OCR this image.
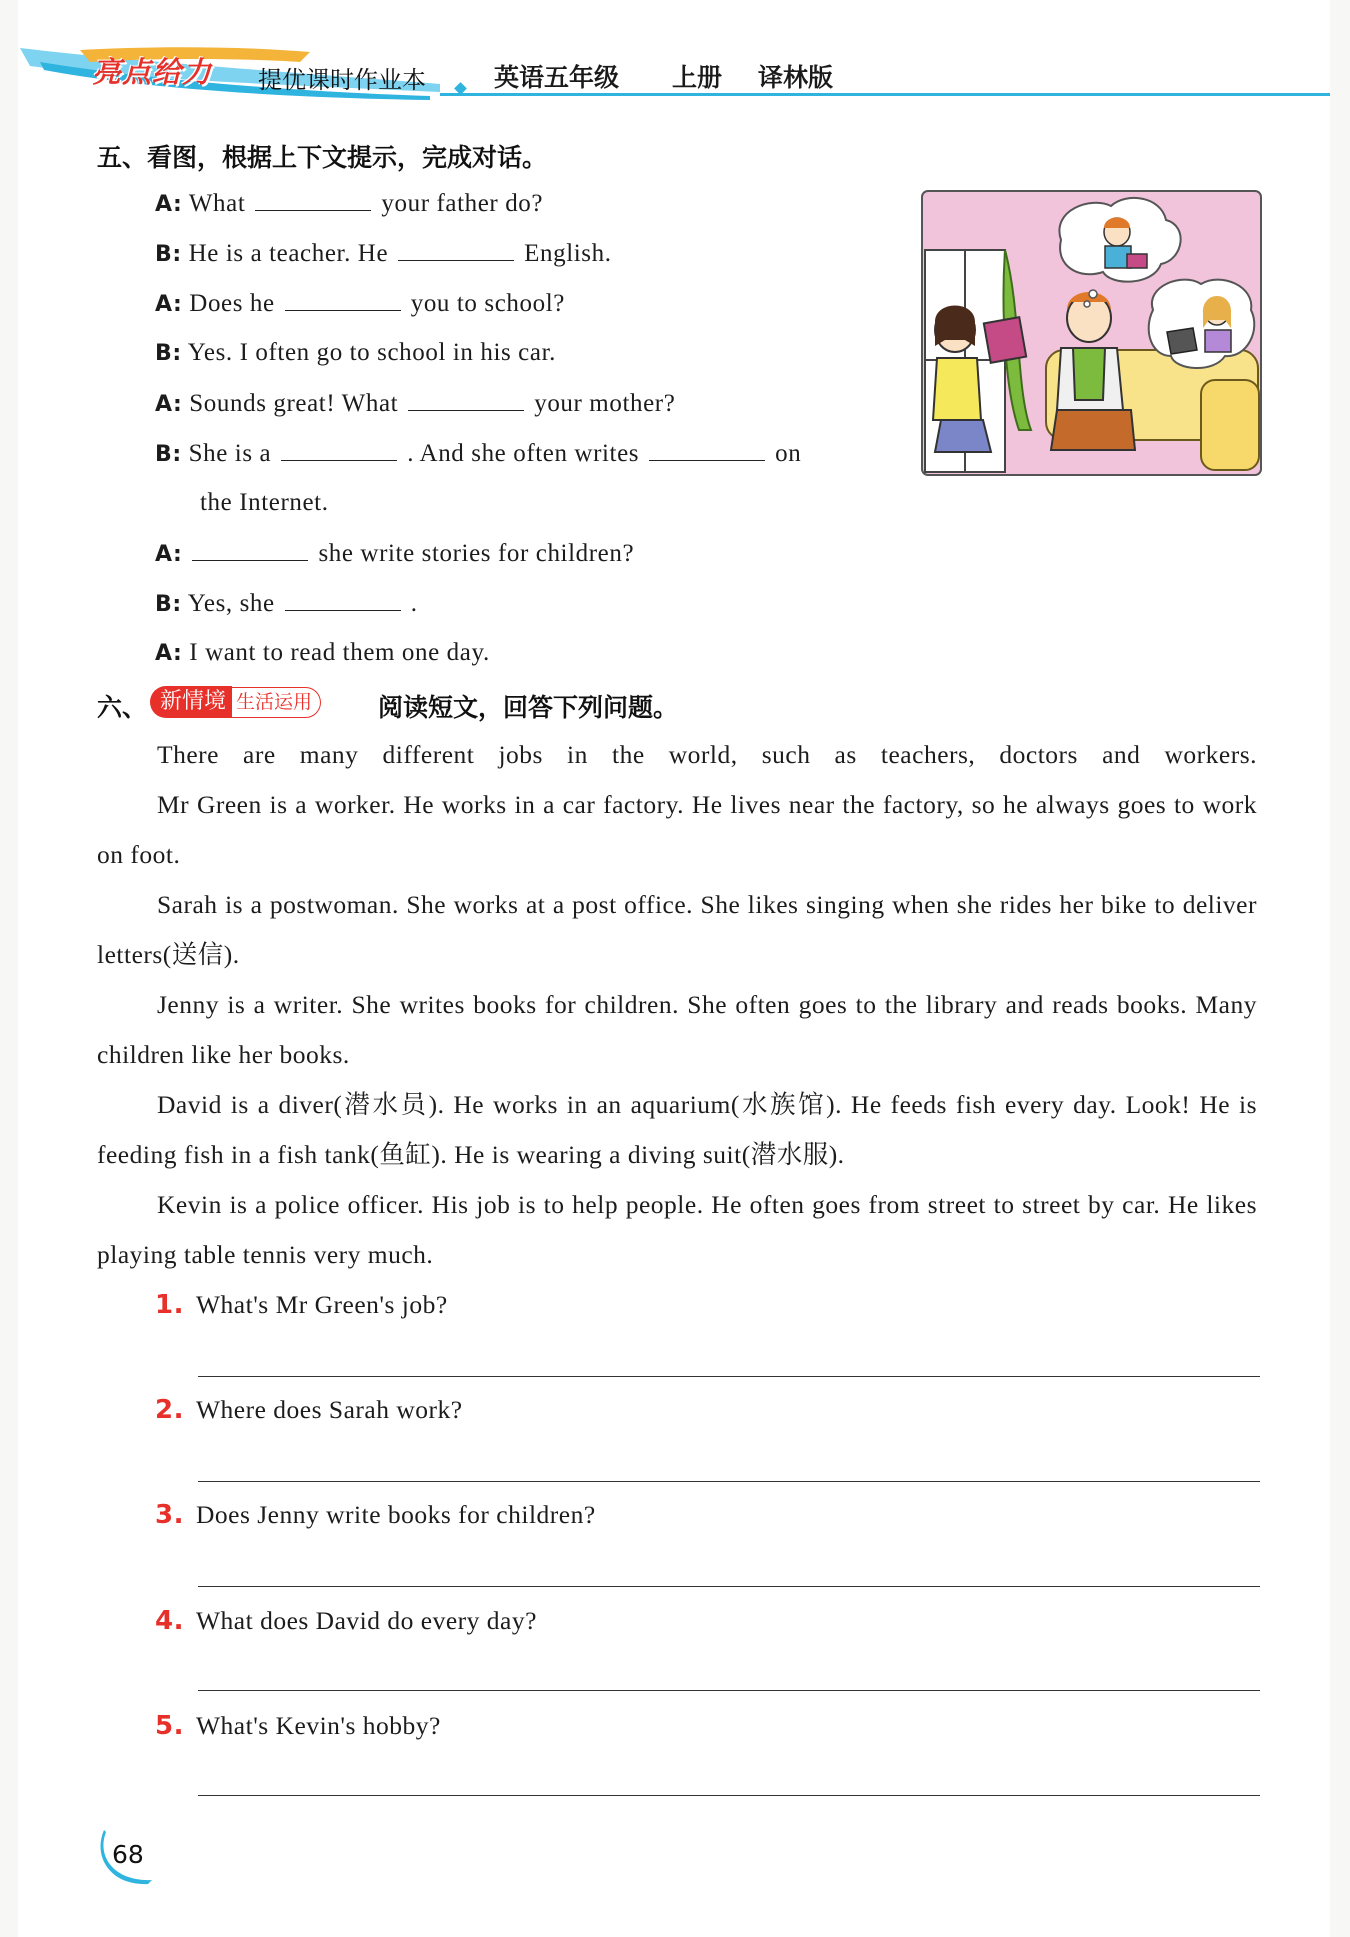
亮点给力 提优课时作业本	英语五年级 上册 译林版
五、看图，根据上下文提示，完成对话。
A: What	your father do?
B: He is a teacher. He	English.
A: Does he	you to school?
B: Yes. I often go to school in his car.
A: Sounds great! What	your mother?
B: She is a	. And she often writes	on
the Internet.
A:	she write stories for children?
B: Yes, she	.
A: I want to read them one day.
六、 新情境 生活运用	阅读短文，回答下列问题。

There are many different jobs in the world, such as teachers, doctors and workers.

Mr Green is a worker. He works in a car factory. He lives near the factory, so he always goes to work on foot.

Sarah is a postwoman. She works at a post office. She likes singing when she rides her bike to deliver letters(送信).

Jenny is a writer. She writes books for children. She often goes to the library and reads books. Many children like her books.

David is a diver(潜水员). He works in an aquarium(水族馆). He feeds fish every day. Look! He is feeding fish in a fish tank(鱼缸). He is wearing a diving suit(潜水服).

Kevin is a police officer. His job is to help people. He often goes from street to street by car. He likes playing table tennis very much.

1. What's Mr Green's job?
2. Where does Sarah work?
3. Does Jenny write books for children?
4. What does David do every day?
5. What's Kevin's hobby?
68
